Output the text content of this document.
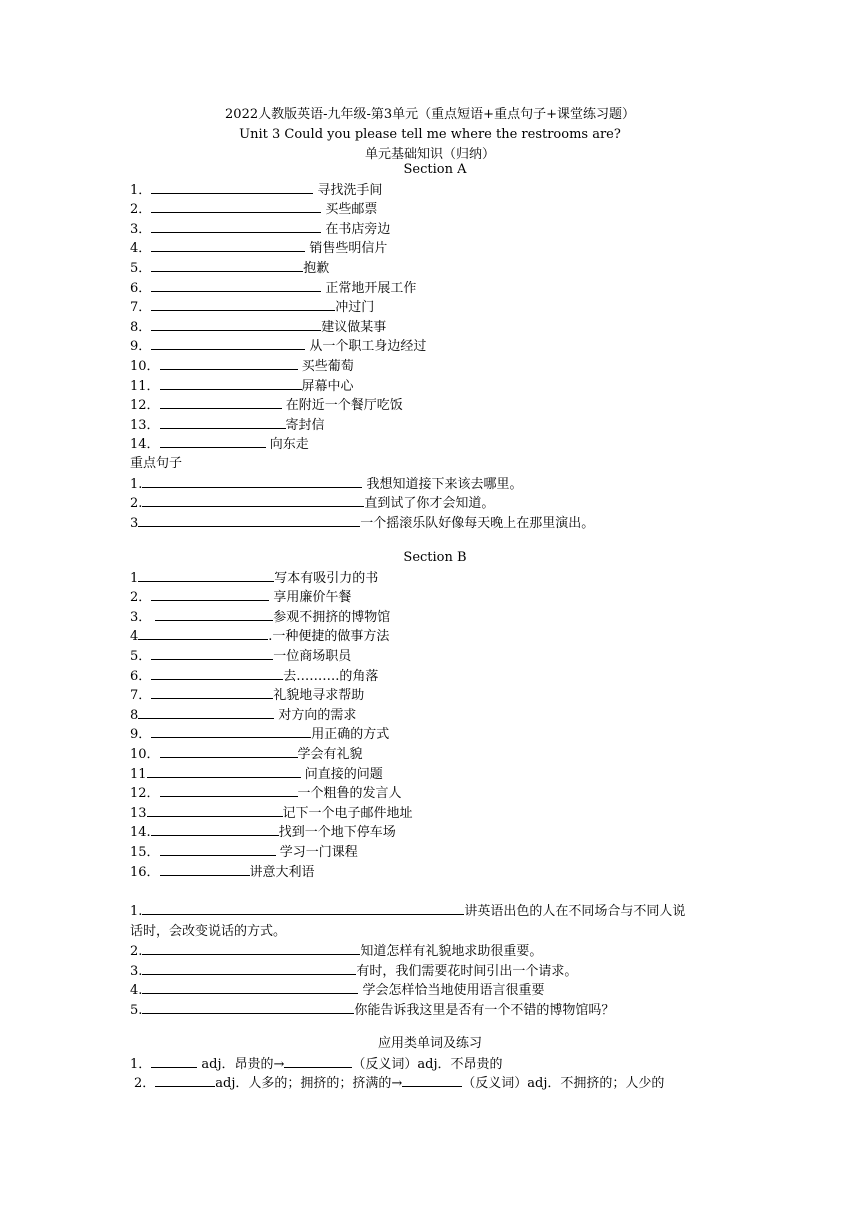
2022人教版英语-九年级-第3单元（重点短语+重点句子+课堂练习题）
Unit 3 Could you please tell me where the restrooms are?
单元基础知识（归纳）
Section A
1．	寻找洗手间
2．	买些邮票
3．	在书店旁边
4．	销售些明信片
5．	抱歉
6．	正常地开展工作
7．	冲过门
8．	建议做某事
9．	从一个职工身边经过
10．	买些葡萄
11．	屏幕中心
12．	在附近一个餐厅吃饭
13．	寄封信
14．	向东走
重点句子
1.	我想知道接下来该去哪里。
2.	直到试了你才会知道。
3	一个摇滚乐队好像每天晚上在那里演出。
Section B
1	写本有吸引力的书
2．	享用廉价午餐
3．	参观不拥挤的博物馆
4	.一种便捷的做事方法
5．	一位商场职员
6．	去……….的角落
7．	礼貌地寻求帮助
8	对方向的需求
9．	用正确的方式
10．	学会有礼貌
11	问直接的问题
12．	一个粗鲁的发言人
13	记下一个电子邮件地址
14.	找到一个地下停车场
15．	学习一门课程
16．	讲意大利语
1.	讲英语出色的人在不同场合与不同人说
话时，会改变说话的方式。
2.	知道怎样有礼貌地求助很重要。
3.	有时，我们需要花时间引出一个请求。
4.	学会怎样恰当地使用语言很重要
5.	你能告诉我这里是否有一个不错的博物馆吗？
应用类单词及练习
1．	adj．昂贵的→	（反义词）adj．不昂贵的
2．	adj．人多的；拥挤的；挤满的→	（反义词）adj．不拥挤的；人少的
